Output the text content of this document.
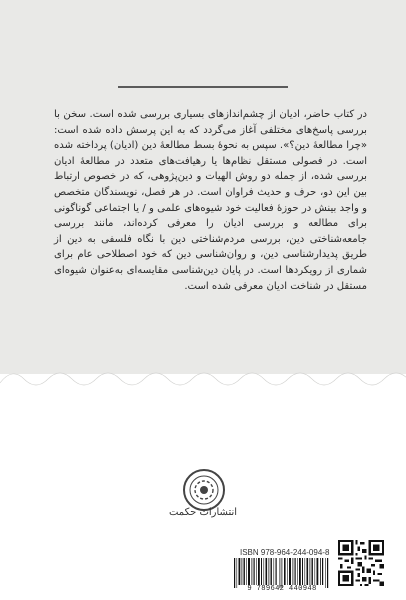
در کتاب حاضر، ادیان از چشم‌اندازهای بسیاری بررسی شده است. سخن با بررسی پاسخ‌های مختلفی آغاز می‌گردد که به این پرسش داده شده است: «چرا مطالعهٔ دین؟». سپس به نحوهٔ بسط مطالعهٔ دین (ادیان) پرداخته شده است. در فصولی مستقل نظام‌ها یا رهیافت‌های متعدد در مطالعهٔ ادیان بررسی شده، از جمله دو روش الهیات و دین‌پژوهی، که در خصوص ارتباط بین این دو، حرف و حدیث فراوان است. در هر فصل، نویسندگان متخصص و واجد بینش در حوزهٔ فعالیت خود شیوه‌های علمی و / یا اجتماعی گوناگونی برای مطالعه و بررسی ادیان را معرفی کرده‌اند، مانند بررسی جامعه‌شناختی دین، بررسی مردم‌شناختی دین با نگاه فلسفی به دین از طریق پدیدارشناسی دین، و روان‌شناسی دین که خود اصطلاحی عام برای شماری از رویکردها است. در پایان دین‌شناسی مقایسه‌ای به‌عنوان شیوه‌ای مستقل در شناخت ادیان معرفی شده است.

انتشارات حکمت
ISBN 978-964-244-094-8
9 789642 440948
